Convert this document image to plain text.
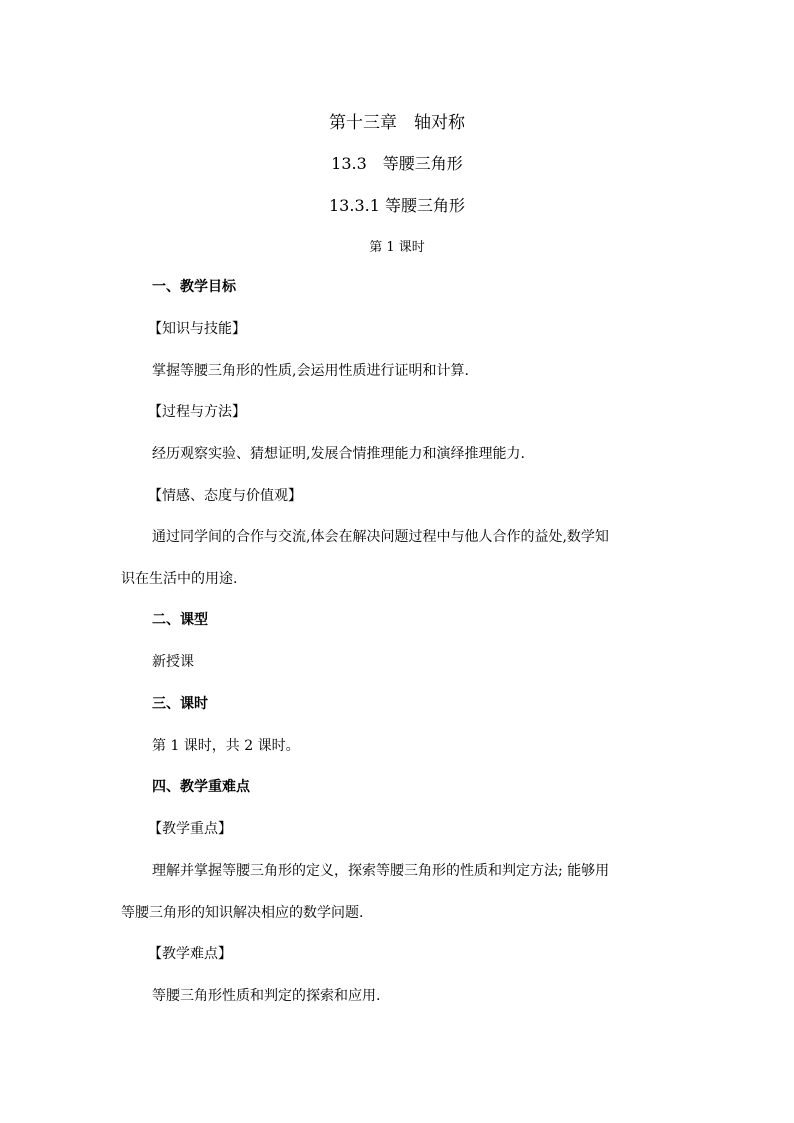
第十三章　轴对称
13.3　等腰三角形
13.3.1 等腰三角形
第 1 课时
一、教学目标
【知识与技能】
掌握等腰三角形的性质,会运用性质进行证明和计算.
【过程与方法】
经历观察实验、猜想证明,发展合情推理能力和演绎推理能力.
【情感、态度与价值观】
通过同学间的合作与交流,体会在解决问题过程中与他人合作的益处,数学知
识在生活中的用途.
二、课型
新授课
三、课时
第 1 课时，共 2 课时。
四、教学重难点
【教学重点】
理解并掌握等腰三角形的定义，探索等腰三角形的性质和判定方法; 能够用
等腰三角形的知识解决相应的数学问题.
【教学难点】
等腰三角形性质和判定的探索和应用.
